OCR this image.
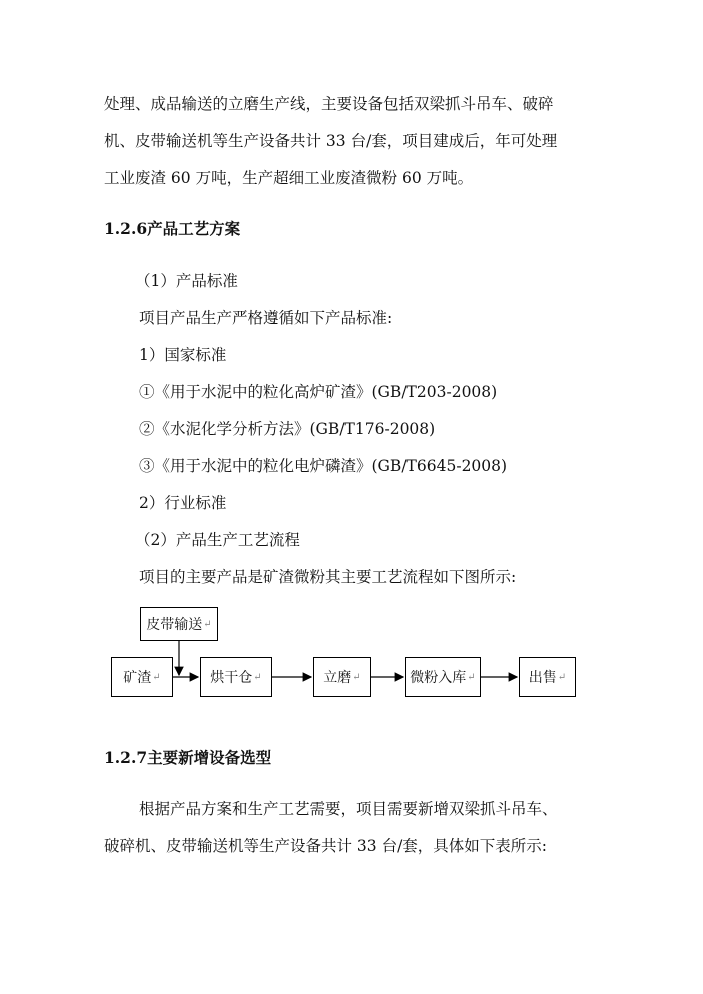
处理、成品输送的立磨生产线，主要设备包括双梁抓斗吊车、破碎
机、皮带输送机等生产设备共计 33 台/套，项目建成后，年可处理
工业废渣 60 万吨，生产超细工业废渣微粉 60 万吨。
1.2.6产品工艺方案
（1）产品标准
项目产品生产严格遵循如下产品标准:
1）国家标准
①《用于水泥中的粒化高炉矿渣》(GB/T203-2008)
②《水泥化学分析方法》(GB/T176-2008)
③《用于水泥中的粒化电炉磷渣》(GB/T6645-2008)
2）行业标准
（2）产品生产工艺流程
项目的主要产品是矿渣微粉其主要工艺流程如下图所示:
皮带输送 ↵
矿渣 ↵	烘干仓 ↵	立磨 ↵	微粉入库 ↵	出售 ↵
1.2.7主要新增设备选型
根据产品方案和生产工艺需要，项目需要新增双梁抓斗吊车、
破碎机、皮带输送机等生产设备共计 33 台/套，具体如下表所示:
